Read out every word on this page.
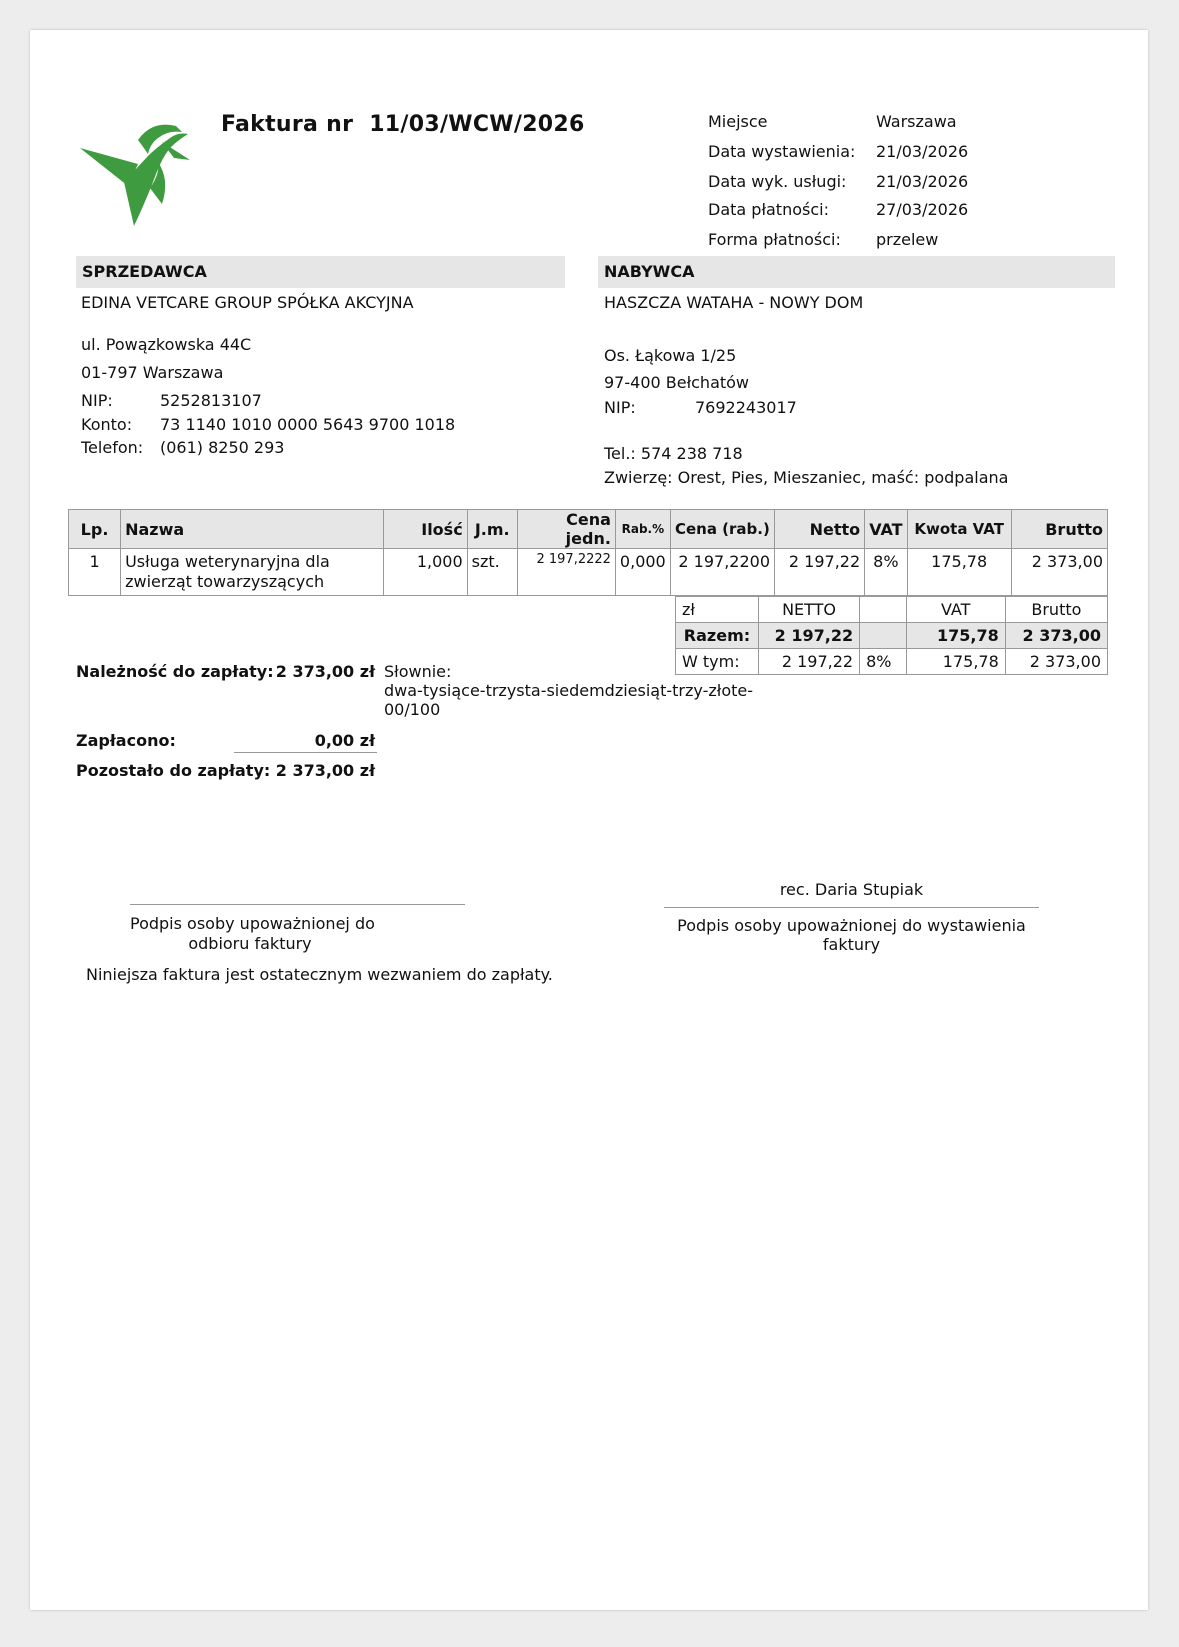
Faktura nr 11/03/WCW/2026	Miejsce	Warszawa
Data wystawienia: 21/03/2026
Data wyk. usługi: 21/03/2026
Data płatności:	27/03/2026
Forma płatności: przelew
SPRZEDAWCA
EDINA VETCARE GROUP SPÓŁKA AKCYJNA
ul. Powązkowska 44C
01-797 Warszawa
NIP:	5252813107
Konto: 73 1140 1010 0000 5643 9700 1018
Telefon: (061) 8250 293
NABYWCA
HASZCZA WATAHA - NOWY DOM
Os. Łąkowa 1/25
97-400 Bełchatów
NIP:	7692243017
Tel.: 574 238 718
Zwierzę: Orest, Pies, Mieszaniec, maść: podpalana
Lp.	Nazwa	Ilość	J.m.	Cena jedn.	Rab.%	Cena (rab.)	Netto	VAT	Kwota VAT	Brutto
1	Usługa weterynaryjna dla
zwierząt towarzyszących	1,000	szt.	2 197,2222	0,000	2 197,2200	2 197,22	8%	175,78	2 373,00
zł	NETTO		VAT	Brutto
Razem:	2 197,22		175,78	2 373,00
W tym:	2 197,22	8%	175,78	2 373,00
Należność do zapłaty: 2 373,00 zł Słownie:
dwa-tysiące-trzysta-siedemdziesiąt-trzy-złote-
00/100
Zapłacono:	0,00 zł
Pozostało do zapłaty: 2 373,00 zł
Podpis osoby upoważnionej do
odbioru faktury
rec. Daria Stupiak
Podpis osoby upoważnionej do wystawienia
faktury
Niniejsza faktura jest ostatecznym wezwaniem do zapłaty.
